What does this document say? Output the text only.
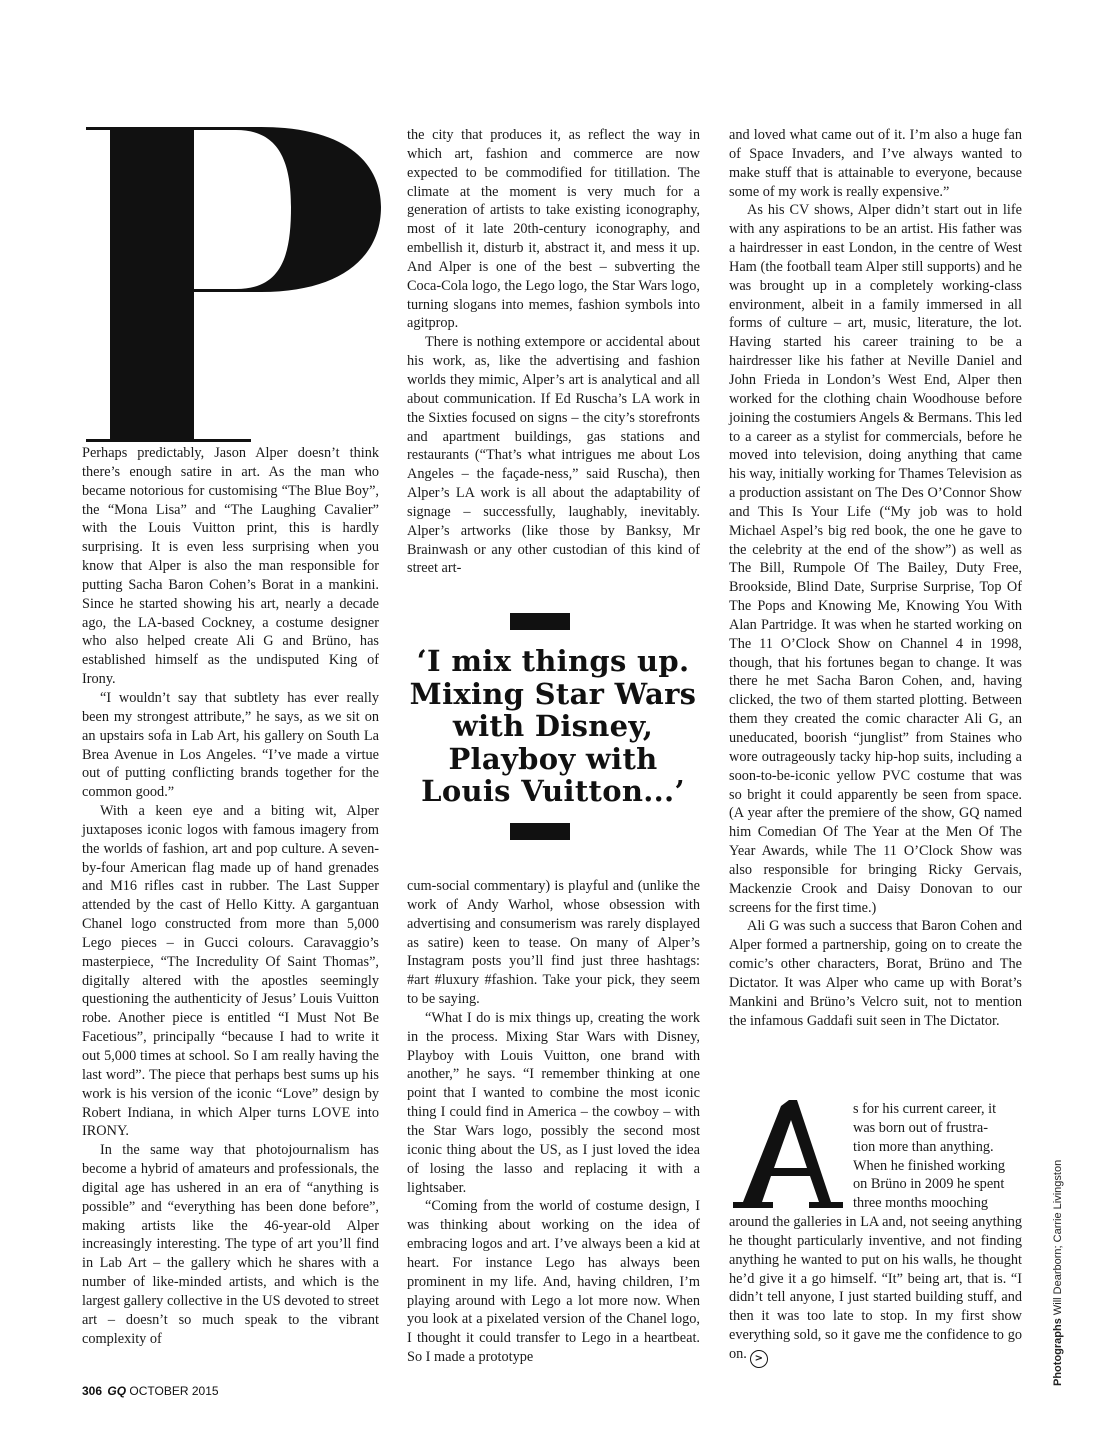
Perhaps predictably, Jason Alper doesn’t think there’s enough satire in art. As the man who became notorious for customising “The Blue Boy”, the “Mona Lisa” and “The Laughing Cavalier” with the Louis Vuitton print, this is hardly surprising. It is even less surprising when you know that Alper is also the man responsible for putting Sacha Baron Cohen’s Borat in a mankini. Since he started showing his art, nearly a decade ago, the LA-based Cockney, a costume designer who also helped create Ali G and Brüno, has established himself as the undisputed King of Irony.

“I wouldn’t say that subtlety has ever really been my strongest attribute,” he says, as we sit on an upstairs sofa in Lab Art, his gallery on South La Brea Avenue in Los Angeles. “I’ve made a virtue out of putting conflicting brands together for the common good.”

With a keen eye and a biting wit, Alper juxtaposes iconic logos with famous imagery from the worlds of fashion, art and pop culture. A seven-by-four American flag made up of hand grenades and M16 rifles cast in rubber. The Last Supper attended by the cast of Hello Kitty. A gargantuan Chanel logo constructed from more than 5,000 Lego pieces – in Gucci colours. Caravaggio’s masterpiece, “The Incredulity Of Saint Thomas”, digitally altered with the apostles seemingly questioning the authenticity of Jesus’ Louis Vuitton robe. Another piece is entitled “I Must Not Be Facetious”, principally “because I had to write it out 5,000 times at school. So I am really having the last word”. The piece that perhaps best sums up his work is his version of the iconic “Love” design by Robert Indiana, in which Alper turns LOVE into IRONY.

In the same way that photojournalism has become a hybrid of amateurs and professionals, the digital age has ushered in an era of “anything is possible” and “everything has been done before”, making artists like the 46-year-old Alper increasingly interesting. The type of art you’ll find in Lab Art – the gallery which he shares with a number of like-minded artists, and which is the largest gallery collective in the US devoted to street art – doesn’t so much speak to the vibrant complexity of

the city that produces it, as reflect the way in which art, fashion and commerce are now expected to be commodified for titillation. The climate at the moment is very much for a generation of artists to take existing iconography, most of it late 20th-century iconography, and embellish it, disturb it, abstract it, and mess it up. And Alper is one of the best – subverting the Coca-Cola logo, the Lego logo, the Star Wars logo, turning slogans into memes, fashion symbols into agitprop.

There is nothing extempore or accidental about his work, as, like the advertising and fashion worlds they mimic, Alper’s art is analytical and all about communication. If Ed Ruscha’s LA work in the Sixties focused on signs – the city’s storefronts and apartment buildings, gas stations and restaurants (“That’s what intrigues me about Los Angeles – the façade-ness,” said Ruscha), then Alper’s LA work is all about the adaptability of signage – successfully, laughably, inevitably. Alper’s artworks (like those by Banksy, Mr Brainwash or any other custodian of this kind of street art-

‘I mix things up. Mixing Star Wars with Disney, Playboy with Louis Vuitton...’

cum-social commentary) is playful and (unlike the work of Andy Warhol, whose obsession with advertising and consumerism was rarely displayed as satire) keen to tease. On many of Alper’s Instagram posts you’ll find just three hashtags: #art #luxury #fashion. Take your pick, they seem to be saying.

“What I do is mix things up, creating the work in the process. Mixing Star Wars with Disney, Playboy with Louis Vuitton, one brand with another,” he says. “I remember thinking at one point that I wanted to combine the most iconic thing I could find in America – the cowboy – with the Star Wars logo, possibly the second most iconic thing about the US, as I just loved the idea of losing the lasso and replacing it with a lightsaber.

“Coming from the world of costume design, I was thinking about working on the idea of embracing logos and art. I’ve always been a kid at heart. For instance Lego has always been prominent in my life. And, having children, I’m playing around with Lego a lot more now. When you look at a pixelated version of the Chanel logo, I thought it could transfer to Lego in a heartbeat. So I made a prototype

and loved what came out of it. I’m also a huge fan of Space Invaders, and I’ve always wanted to make stuff that is attainable to everyone, because some of my work is really expensive.”

As his CV shows, Alper didn’t start out in life with any aspirations to be an artist. His father was a hairdresser in east London, in the centre of West Ham (the football team Alper still supports) and he was brought up in a completely working-class environment, albeit in a family immersed in all forms of culture – art, music, literature, the lot. Having started his career training to be a hairdresser like his father at Neville Daniel and John Frieda in London’s West End, Alper then worked for the clothing chain Woodhouse before joining the costumiers Angels & Bermans. This led to a career as a stylist for commercials, before he moved into television, doing anything that came his way, initially working for Thames Television as a production assistant on The Des O’Connor Show and This Is Your Life (“My job was to hold Michael Aspel’s big red book, the one he gave to the celebrity at the end of the show”) as well as The Bill, Rumpole Of The Bailey, Duty Free, Brookside, Blind Date, Surprise Surprise, Top Of The Pops and Knowing Me, Knowing You With Alan Partridge. It was when he started working on The 11 O’Clock Show on Channel 4 in 1998, though, that his fortunes began to change. It was there he met Sacha Baron Cohen, and, having clicked, the two of them started plotting. Between them they created the comic character Ali G, an uneducated, boorish “junglist” from Staines who wore outrageously tacky hip-hop suits, including a soon-to-be-iconic yellow PVC costume that was so bright it could apparently be seen from space. (A year after the premiere of the show, GQ named him Comedian Of The Year at the Men Of The Year Awards, while The 11 O’Clock Show was also responsible for bringing Ricky Gervais, Mackenzie Crook and Daisy Donovan to our screens for the first time.)

Ali G was such a success that Baron Cohen and Alper formed a partnership, going on to create the comic’s other characters, Borat, Brüno and The Dictator. It was Alper who came up with Borat’s Mankini and Brüno’s Velcro suit, not to mention the infamous Gaddafi suit seen in The Dictator.

s for his current career, it
was born out of frustra-
tion more than anything.
When he finished working
on Brüno in 2009 he spent
three months mooching

around the galleries in LA and, not seeing anything he thought particularly inventive, and not finding anything he wanted to put on his walls, he thought he’d give it a go himself. “It” being art, that is. “I didn’t tell anyone, I just started building stuff, and then it was too late to stop. In my first show everything sold, so it gave me the confidence to go on. >

306 GQ OCTOBER 2015
Photographs Will Dearborn; Carrie Livingston
